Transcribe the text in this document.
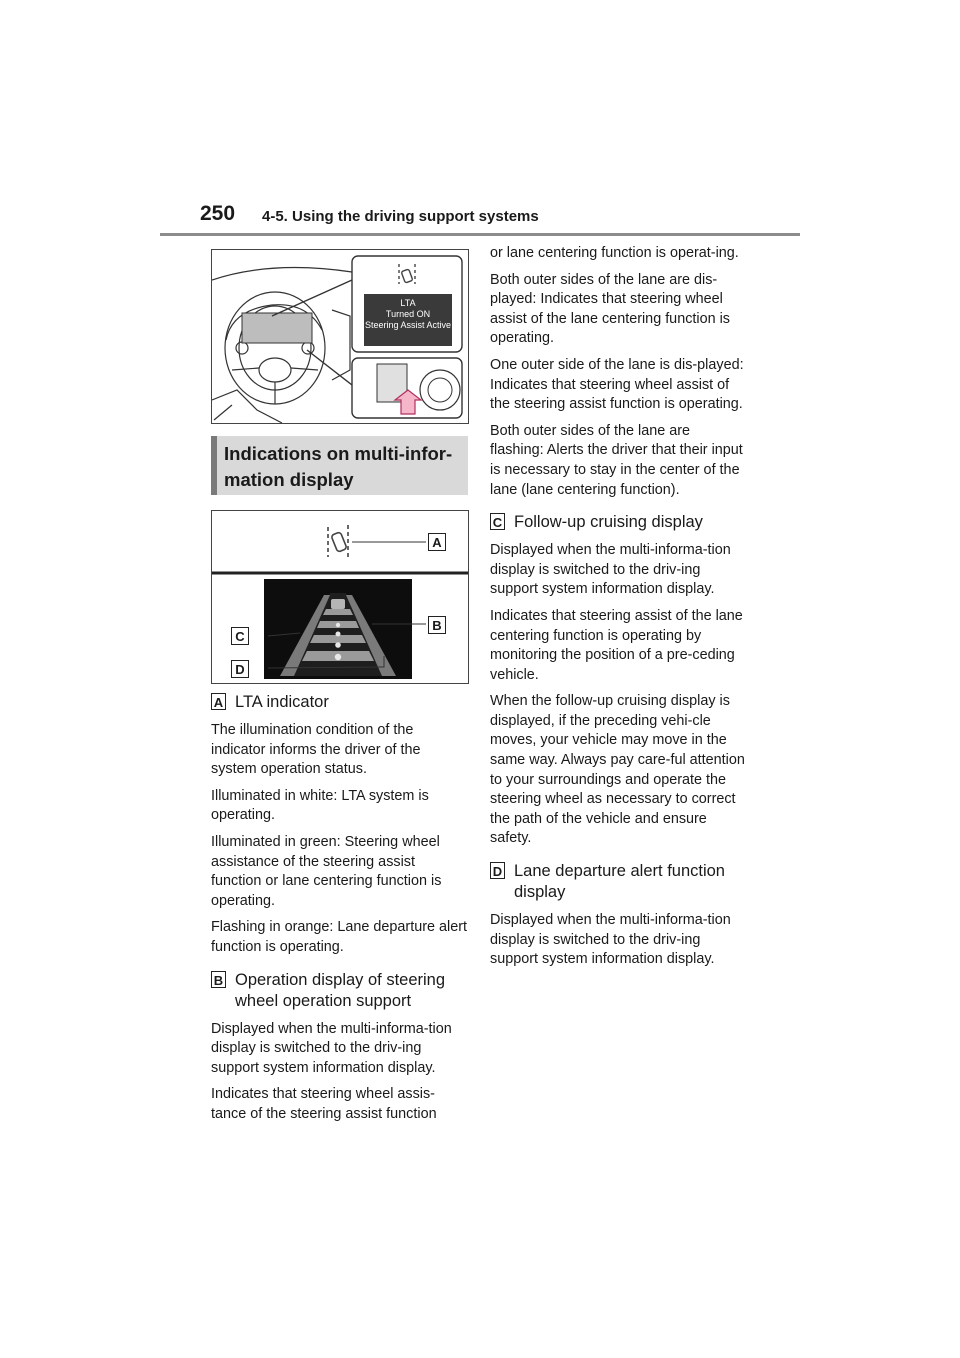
250 4-5. Using the driving support systems
LTA
Turned ON
Steering Assist Active
Indications on multi-infor-
mation display
A
B
C
D
A LTA indicator

The illumination condition of the indicator informs the driver of the system operation status.

Illuminated in white: LTA system is operating.

Illuminated in green: Steering wheel assistance of the steering assist function or lane centering function is operating.

Flashing in orange: Lane departure alert function is operating.

B Operation display of steering wheel operation support

Displayed when the multi-informa-tion display is switched to the driv-ing support system information display.

Indicates that steering wheel assis-tance of the steering assist function

or lane centering function is operat-ing.

Both outer sides of the lane are dis-played: Indicates that steering wheel assist of the lane centering function is operating.

One outer side of the lane is dis-played: Indicates that steering wheel assist of the steering assist function is operating.

Both outer sides of the lane are flashing: Alerts the driver that their input is necessary to stay in the center of the lane (lane centering function).

C Follow-up cruising display

Displayed when the multi-informa-tion display is switched to the driv-ing support system information display.

Indicates that steering assist of the lane centering function is operating by monitoring the position of a pre-ceding vehicle.

When the follow-up cruising display is displayed, if the preceding vehi-cle moves, your vehicle may move in the same way. Always pay care-ful attention to your surroundings and operate the steering wheel as necessary to correct the path of the vehicle and ensure safety.

D Lane departure alert function display

Displayed when the multi-informa-tion display is switched to the driv-ing support system information display.
